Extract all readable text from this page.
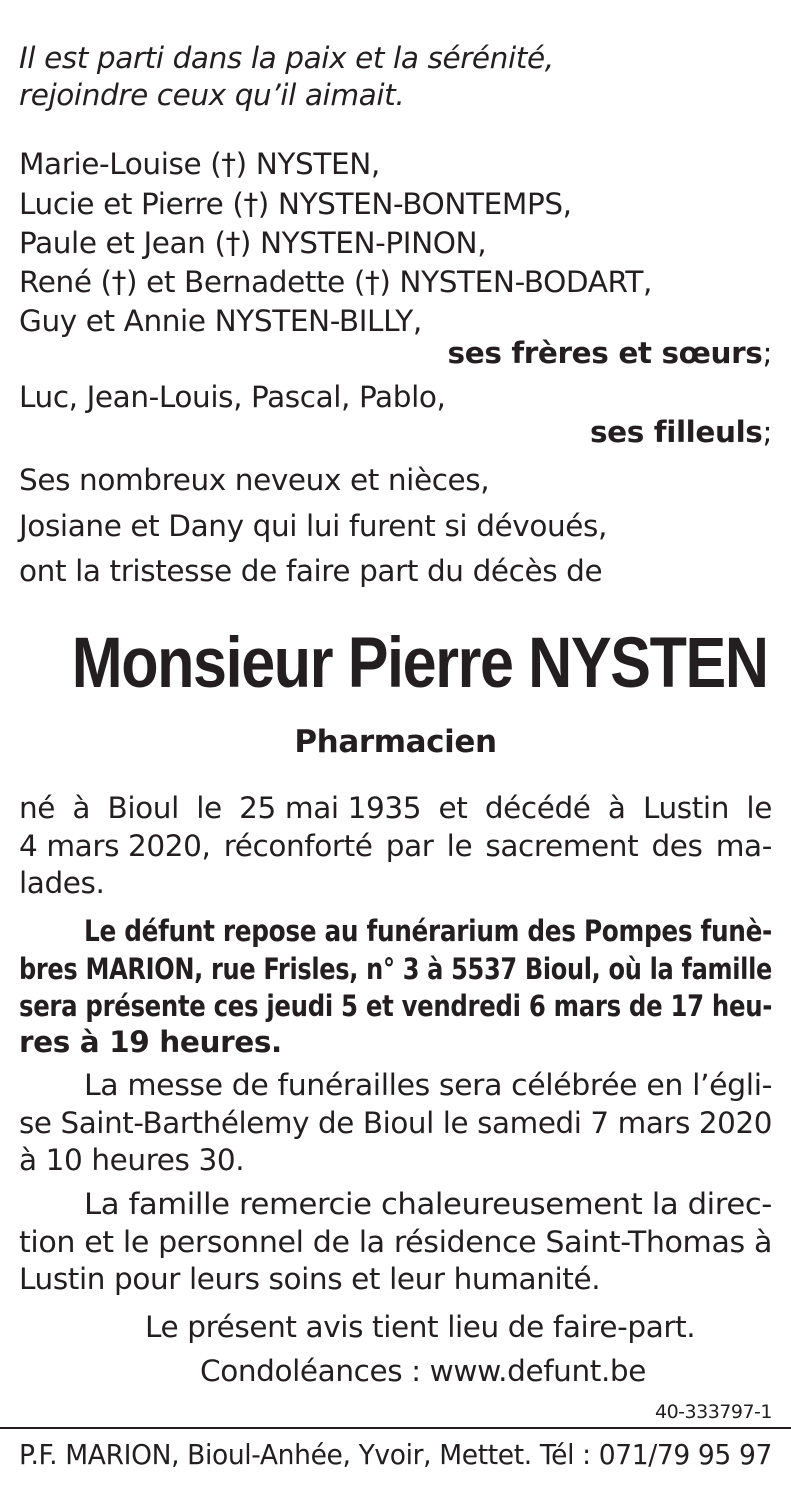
Il est parti dans la paix et la sérénité,
rejoindre ceux qu’il aimait.
Marie-Louise (†) NYSTEN,
Lucie et Pierre (†) NYSTEN-BONTEMPS,
Paule et Jean (†) NYSTEN-PINON,
René (†) et Bernadette (†) NYSTEN-BODART,
Guy et Annie NYSTEN-BILLY,
ses frères et sœurs;
Luc, Jean-Louis, Pascal, Pablo,
ses filleuls;
Ses nombreux neveux et nièces,
Josiane et Dany qui lui furent si dévoués,
ont la tristesse de faire part du décès de
Monsieur Pierre NYSTEN
Pharmacien
né à Bioul le 25 mai 1935 et décédé à Lustin le
4 mars 2020, réconforté par le sacrement des ma-
lades.
Le défunt repose au funérarium des Pompes funè-
bres MARION, rue Frisles, n° 3 à 5537 Bioul, où la famille
sera présente ces jeudi 5 et vendredi 6 mars de 17 heu-
res à 19 heures.
La messe de funérailles sera célébrée en l’égli-
se Saint-Barthélemy de Bioul le samedi 7 mars 2020
à 10 heures 30.
La famille remercie chaleureusement la direc-
tion et le personnel de la résidence Saint-Thomas à
Lustin pour leurs soins et leur humanité.
Le présent avis tient lieu de faire-part.
Condoléances : www.defunt.be
40-333797-1
P.F. MARION, Bioul-Anhée, Yvoir, Mettet. Tél : 071/79 95 97
